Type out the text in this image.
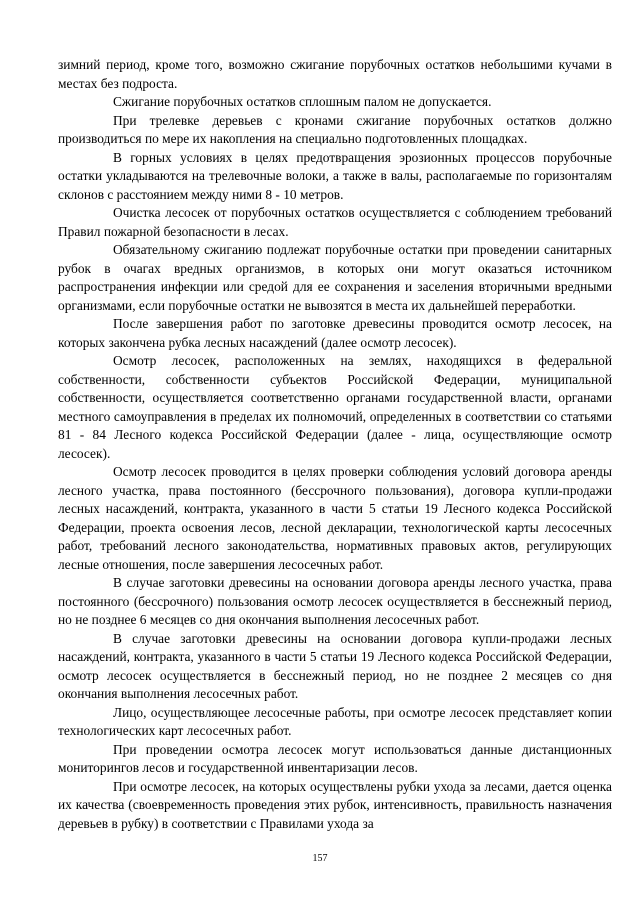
зимний период, кроме того, возможно сжигание порубочных остатков небольшими кучами в местах без подроста.

Сжигание порубочных остатков сплошным палом не допускается.

При трелевке деревьев с кронами сжигание порубочных остатков должно производиться по мере их накопления на специально подготовленных площадках.

В горных условиях в целях предотвращения эрозионных процессов порубочные остатки укладываются на трелевочные волоки, а также в валы, располагаемые по горизонталям склонов с расстоянием между ними 8 - 10 метров.

Очистка лесосек от порубочных остатков осуществляется с соблюдением требований Правил пожарной безопасности в лесах.

Обязательному сжиганию подлежат порубочные остатки при проведении санитарных рубок в очагах вредных организмов, в которых они могут оказаться источником распространения инфекции или средой для ее сохранения и заселения вторичными вредными организмами, если порубочные остатки не вывозятся в места их дальнейшей переработки.

После завершения работ по заготовке древесины проводится осмотр лесосек, на которых закончена рубка лесных насаждений (далее осмотр лесосек).

Осмотр лесосек, расположенных на землях, находящихся в федеральной собственности, собственности субъектов Российской Федерации, муниципальной собственности, осуществляется соответственно органами государственной власти, органами местного самоуправления в пределах их полномочий, определенных в соответствии со статьями 81 - 84 Лесного кодекса Российской Федерации (далее - лица, осуществляющие осмотр лесосек).

Осмотр лесосек проводится в целях проверки соблюдения условий договора аренды лесного участка, права постоянного (бессрочного пользования), договора купли-продажи лесных насаждений, контракта, указанного в части 5 статьи 19 Лесного кодекса Российской Федерации, проекта освоения лесов, лесной декларации, технологической карты лесосечных работ, требований лесного законодательства, нормативных правовых актов, регулирующих лесные отношения, после завершения лесосечных работ.

В случае заготовки древесины на основании договора аренды лесного участка, права постоянного (бессрочного) пользования осмотр лесосек осуществляется в бесснежный период, но не позднее 6 месяцев со дня окончания выполнения лесосечных работ.

В случае заготовки древесины на основании договора купли-продажи лесных насаждений, контракта, указанного в части 5 статьи 19 Лесного кодекса Российской Федерации, осмотр лесосек осуществляется в бесснежный период, но не позднее 2 месяцев со дня окончания выполнения лесосечных работ.

Лицо, осуществляющее лесосечные работы, при осмотре лесосек представляет копии технологических карт лесосечных работ.

При проведении осмотра лесосек могут использоваться данные дистанционных мониторингов лесов и государственной инвентаризации лесов.

При осмотре лесосек, на которых осуществлены рубки ухода за лесами, дается оценка их качества (своевременность проведения этих рубок, интенсивность, правильность назначения деревьев в рубку) в соответствии с Правилами ухода за

157
